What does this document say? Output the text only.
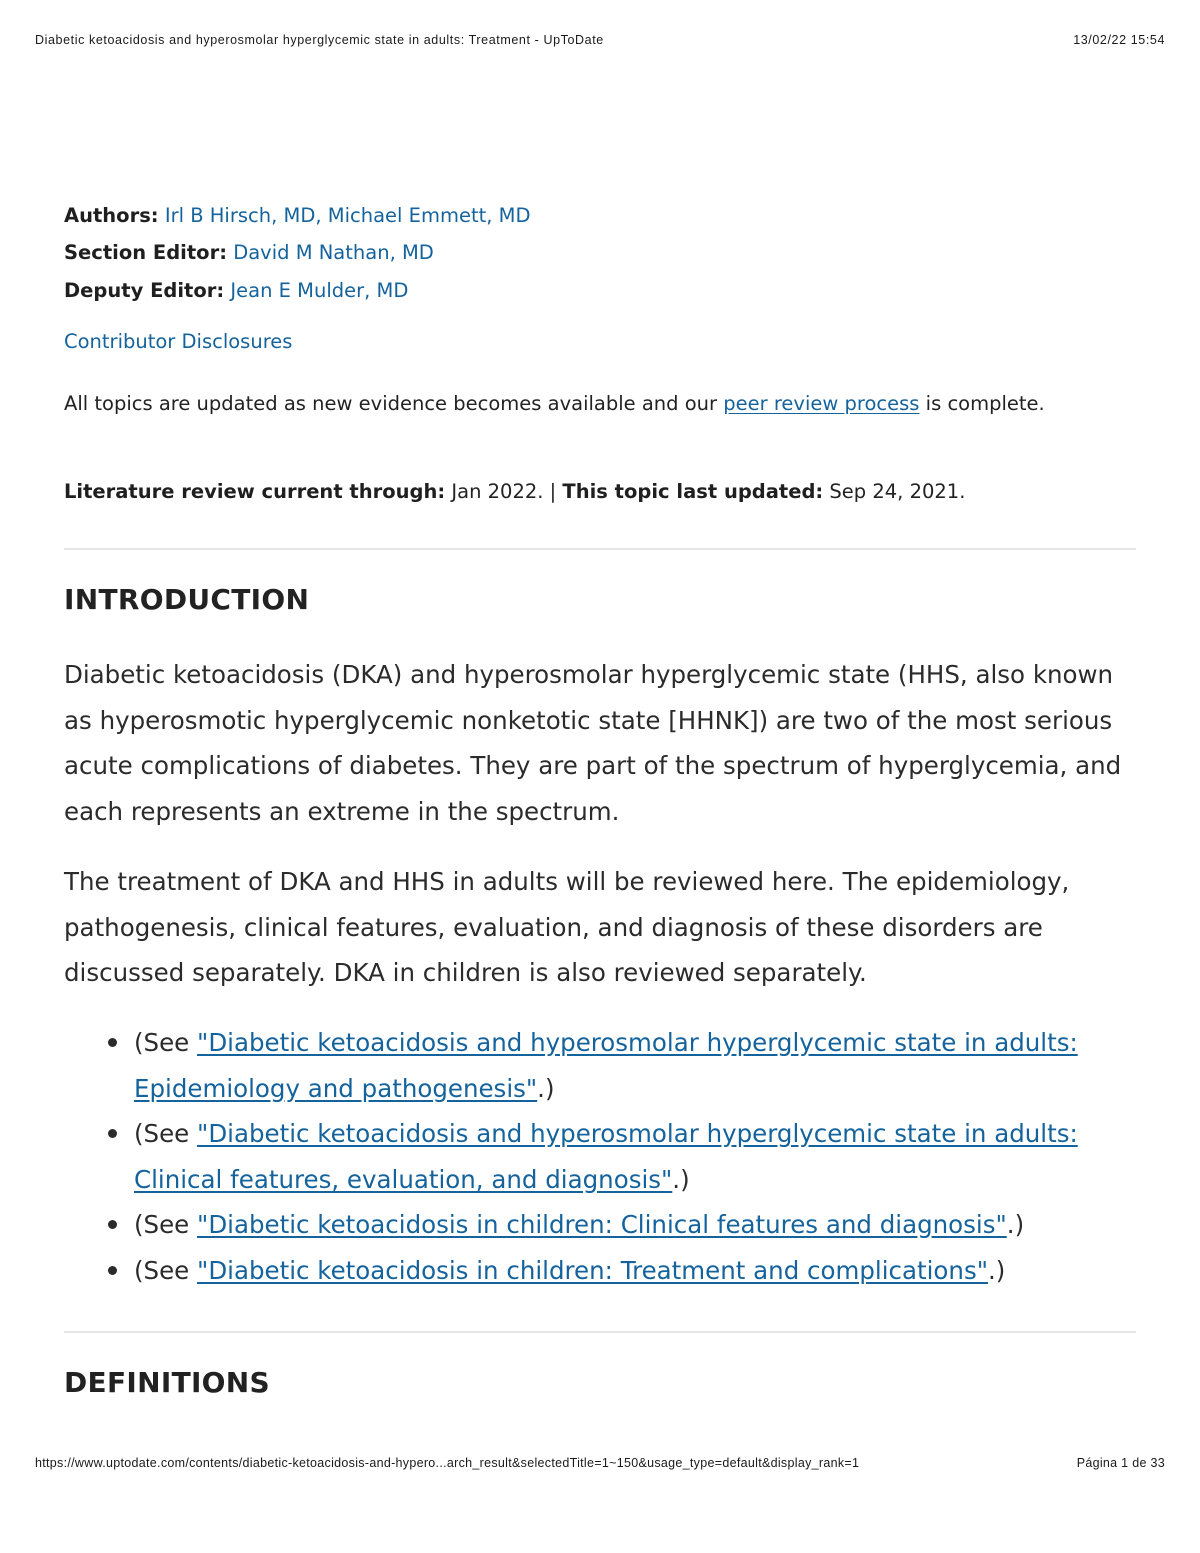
Diabetic ketoacidosis and hyperosmolar hyperglycemic state in adults: Treatment - UpToDate	13/02/22 15:54
Authors: Irl B Hirsch, MD, Michael Emmett, MD
Section Editor: David M Nathan, MD
Deputy Editor: Jean E Mulder, MD
Contributor Disclosures

All topics are updated as new evidence becomes available and our peer review process is complete.

Literature review current through: Jan 2022. | This topic last updated: Sep 24, 2021.
INTRODUCTION

Diabetic ketoacidosis (DKA) and hyperosmolar hyperglycemic state (HHS, also known as hyperosmotic hyperglycemic nonketotic state [HHNK]) are two of the most serious acute complications of diabetes. They are part of the spectrum of hyperglycemia, and each represents an extreme in the spectrum.

The treatment of DKA and HHS in adults will be reviewed here. The epidemiology, pathogenesis, clinical features, evaluation, and diagnosis of these disorders are discussed separately. DKA in children is also reviewed separately.

(See "Diabetic ketoacidosis and hyperosmolar hyperglycemic state in adults: Epidemiology and pathogenesis".)
(See "Diabetic ketoacidosis and hyperosmolar hyperglycemic state in adults: Clinical features, evaluation, and diagnosis".)
(See "Diabetic ketoacidosis in children: Clinical features and diagnosis".)
(See "Diabetic ketoacidosis in children: Treatment and complications".)
DEFINITIONS
https://www.uptodate.com/contents/diabetic-ketoacidosis-and-hypero...arch_result&selectedTitle=1~150&usage_type=default&display_rank=1	Página 1 de 33
